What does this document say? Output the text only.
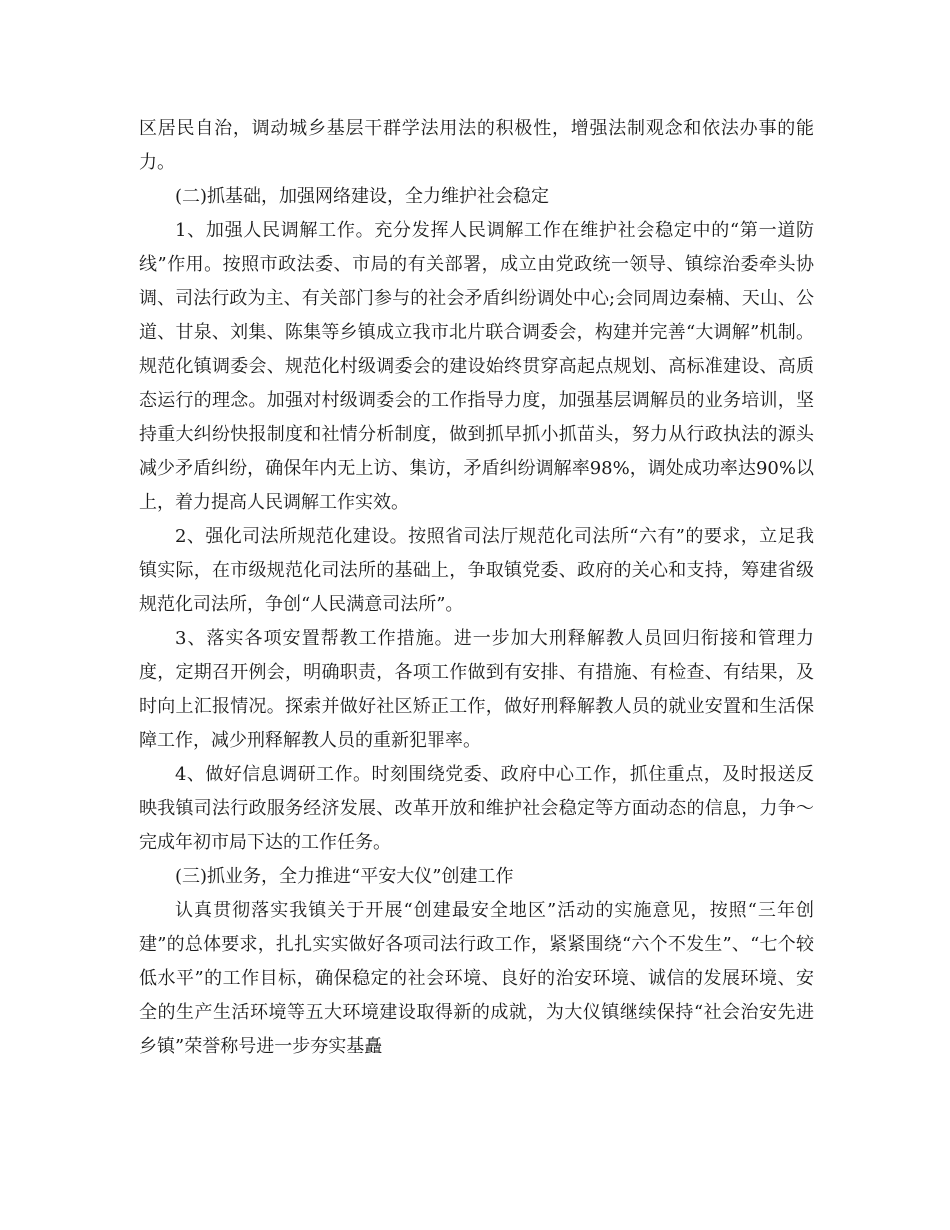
区居民自治，调动城乡基层干群学法用法的积极性，增强法制观念和依法办事的能力。

(二)抓基础，加强网络建设，全力维护社会稳定

1、加强人民调解工作。充分发挥人民调解工作在维护社会稳定中的“第一道防线”作用。按照市政法委、市局的有关部署，成立由党政统一领导、镇综治委牵头协调、司法行政为主、有关部门参与的社会矛盾纠纷调处中心;会同周边秦楠、天山、公道、甘泉、刘集、陈集等乡镇成立我市北片联合调委会，构建并完善“大调解”机制。规范化镇调委会、规范化村级调委会的建设始终贯穿高起点规划、高标准建设、高质态运行的理念。加强对村级调委会的工作指导力度，加强基层调解员的业务培训，坚持重大纠纷快报制度和社情分析制度，做到抓早抓小抓苗头，努力从行政执法的源头减少矛盾纠纷，确保年内无上访、集访，矛盾纠纷调解率98%，调处成功率达90%以上，着力提高人民调解工作实效。

2、强化司法所规范化建设。按照省司法厅规范化司法所“六有”的要求，立足我镇实际，在市级规范化司法所的基础上，争取镇党委、政府的关心和支持，筹建省级规范化司法所，争创“人民满意司法所”。

3、落实各项安置帮教工作措施。进一步加大刑释解教人员回归衔接和管理力度，定期召开例会，明确职责，各项工作做到有安排、有措施、有检查、有结果，及时向上汇报情况。探索并做好社区矫正工作，做好刑释解教人员的就业安置和生活保障工作，减少刑释解教人员的重新犯罪率。

4、做好信息调研工作。时刻围绕党委、政府中心工作，抓住重点，及时报送反映我镇司法行政服务经济发展、改革开放和维护社会稳定等方面动态的信息，力争～完成年初市局下达的工作任务。

(三)抓业务，全力推进“平安大仪”创建工作

认真贯彻落实我镇关于开展“创建最安全地区”活动的实施意见，按照“三年创建”的总体要求，扎扎实实做好各项司法行政工作，紧紧围绕“六个不发生”、“七个较低水平”的工作目标，确保稳定的社会环境、良好的治安环境、诚信的发展环境、安全的生产生活环境等五大环境建设取得新的成就，为大仪镇继续保持“社会治安先进乡镇”荣誉称号进一步夯实基矗
